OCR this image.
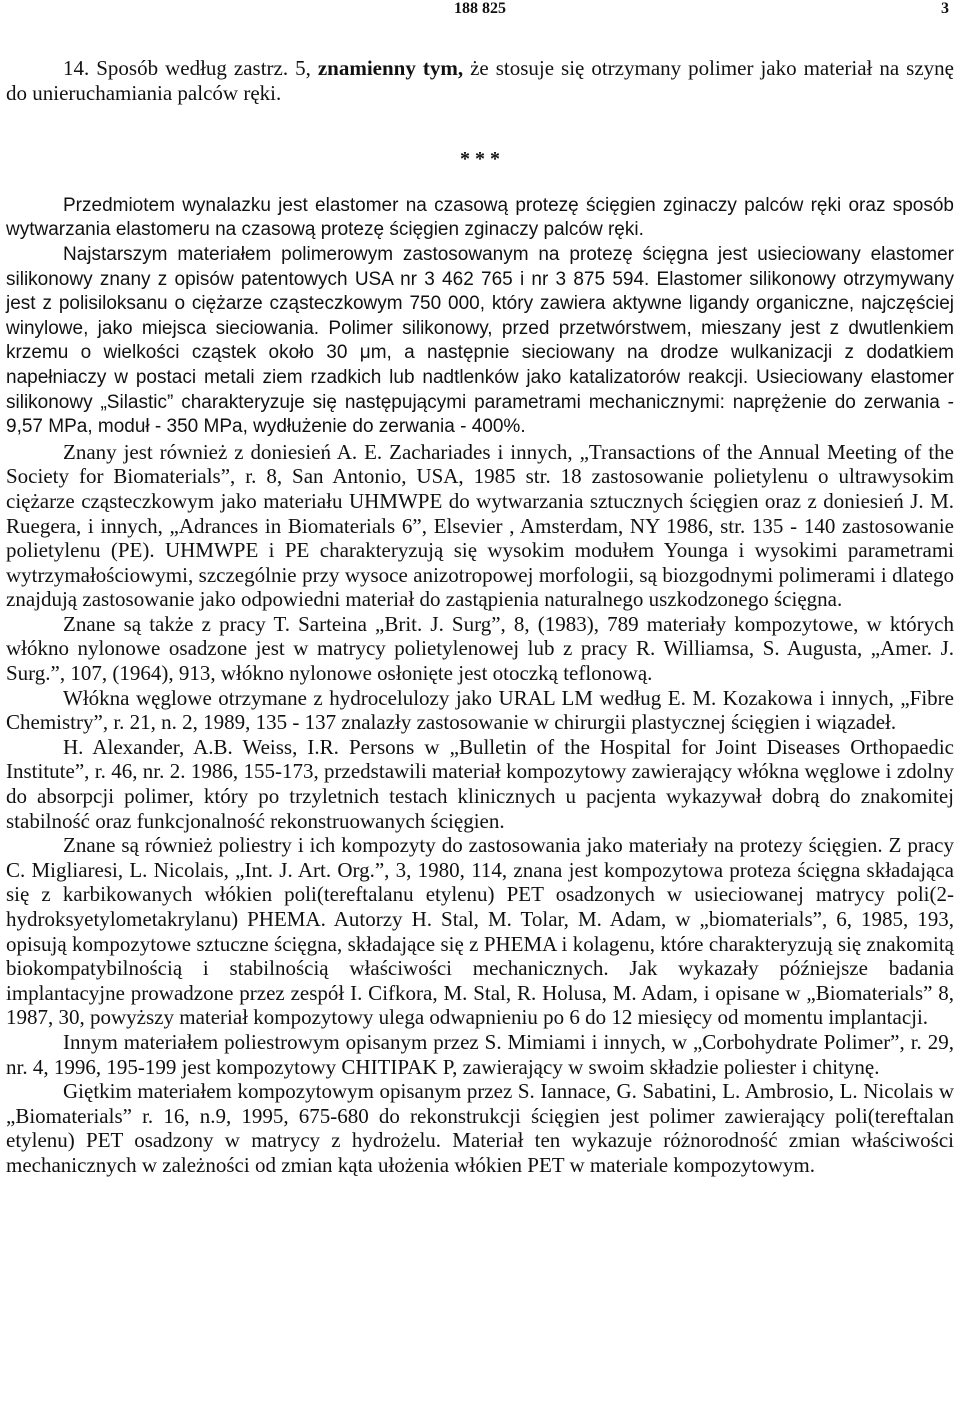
188 825	3

14. Sposób według zastrz. 5, znamienny tym, że stosuje się otrzymany polimer jako materiał na szynę do unieruchamiania palców ręki.

* * *

Przedmiotem wynalazku jest elastomer na czasową protezę ścięgien zginaczy palców ręki oraz sposób wytwarzania elastomeru na czasową protezę ścięgien zginaczy palców ręki.

Najstarszym materiałem polimerowym zastosowanym na protezę ścięgna jest usieciowany elastomer silikonowy znany z opisów patentowych USA nr 3 462 765 i nr 3 875 594. Elastomer silikonowy otrzymywany jest z polisiloksanu o ciężarze cząsteczkowym 750 000, który zawiera aktywne ligandy organiczne, najczęściej winylowe, jako miejsca sieciowania. Polimer silikonowy, przed przetwórstwem, mieszany jest z dwutlenkiem krzemu o wielkości cząstek około 30 μm, a następnie sieciowany na drodze wulkanizacji z dodatkiem napełniaczy w postaci metali ziem rzadkich lub nadtlenków jako katalizatorów reakcji. Usieciowany elastomer silikonowy „Silastic” charakteryzuje się następującymi parametrami mechanicznymi: naprężenie do zerwania - 9,57 MPa, moduł - 350 MPa, wydłużenie do zerwania - 400%.

Znany jest również z doniesień A. E. Zachariades i innych, „Transactions of the Annual Meeting of the Society for Biomaterials”, r. 8, San Antonio, USA, 1985 str. 18 zastosowanie polietylenu o ultrawysokim ciężarze cząsteczkowym jako materiału UHMWPE do wytwarzania sztucznych ścięgien oraz z doniesień J. M. Ruegera, i innych, „Adrances in Biomaterials 6”, Elsevier , Amsterdam, NY 1986, str. 135 - 140 zastosowanie polietylenu (PE). UHMWPE i PE charakteryzują się wysokim modułem Younga i wysokimi parametrami wytrzymałościowymi, szczególnie przy wysoce anizotropowej morfologii, są biozgodnymi polimerami i dlatego znajdują zastosowanie jako odpowiedni materiał do zastąpienia naturalnego uszkodzonego ścięgna.

Znane są także z pracy T. Sarteina „Brit. J. Surg”, 8, (1983), 789 materiały kompozytowe, w których włókno nylonowe osadzone jest w matrycy polietylenowej lub z pracy R. Williamsa, S. Augusta, „Amer. J. Surg.”, 107, (1964), 913, włókno nylonowe osłonięte jest otoczką teflonową.

Włókna węglowe otrzymane z hydrocelulozy jako URAL LM według E. M. Kozakowa i innych, „Fibre Chemistry”, r. 21, n. 2, 1989, 135 - 137 znalazły zastosowanie w chirurgii plastycznej ścięgien i wiązadeł.

H. Alexander, A.B. Weiss, I.R. Persons w „Bulletin of the Hospital for Joint Diseases Orthopaedic Institute”, r. 46, nr. 2. 1986, 155-173, przedstawili materiał kompozytowy zawierający włókna węglowe i zdolny do absorpcji polimer, który po trzyletnich testach klinicznych u pacjenta wykazywał dobrą do znakomitej stabilność oraz funkcjonalność rekonstruowanych ścięgien.

Znane są również poliestry i ich kompozyty do zastosowania jako materiały na protezy ścięgien. Z pracy C. Migliaresi, L. Nicolais, „Int. J. Art. Org.”, 3, 1980, 114, znana jest kompozytowa proteza ścięgna składająca się z karbikowanych włókien poli(tereftalanu etylenu) PET osadzonych w usieciowanej matrycy poli(2-hydroksyetylometakrylanu) PHEMA. Autorzy H. Stal, M. Tolar, M. Adam, w „biomaterials”, 6, 1985, 193, opisują kompozytowe sztuczne ścięgna, składające się z PHEMA i kolagenu, które charakteryzują się znakomitą biokompatybilnością i stabilnością właściwości mechanicznych. Jak wykazały późniejsze badania implantacyjne prowadzone przez zespół I. Cifkora, M. Stal, R. Holusa, M. Adam, i opisane w „Biomaterials” 8, 1987, 30, powyższy materiał kompozytowy ulega odwapnieniu po 6 do 12 miesięcy od momentu implantacji.

Innym materiałem poliestrowym opisanym przez S. Mimiami i innych, w „Corbohydrate Polimer”, r. 29, nr. 4, 1996, 195-199 jest kompozytowy CHITIPAK P, zawierający w swoim składzie poliester i chitynę.

Giętkim materiałem kompozytowym opisanym przez S. Iannace, G. Sabatini, L. Ambrosio, L. Nicolais w „Biomaterials” r. 16, n.9, 1995, 675-680 do rekonstrukcji ścięgien jest polimer zawierający poli(tereftalan etylenu) PET osadzony w matrycy z hydrożelu. Materiał ten wykazuje różnorodność zmian właściwości mechanicznych w zależności od zmian kąta ułożenia włókien PET w materiale kompozytowym.
